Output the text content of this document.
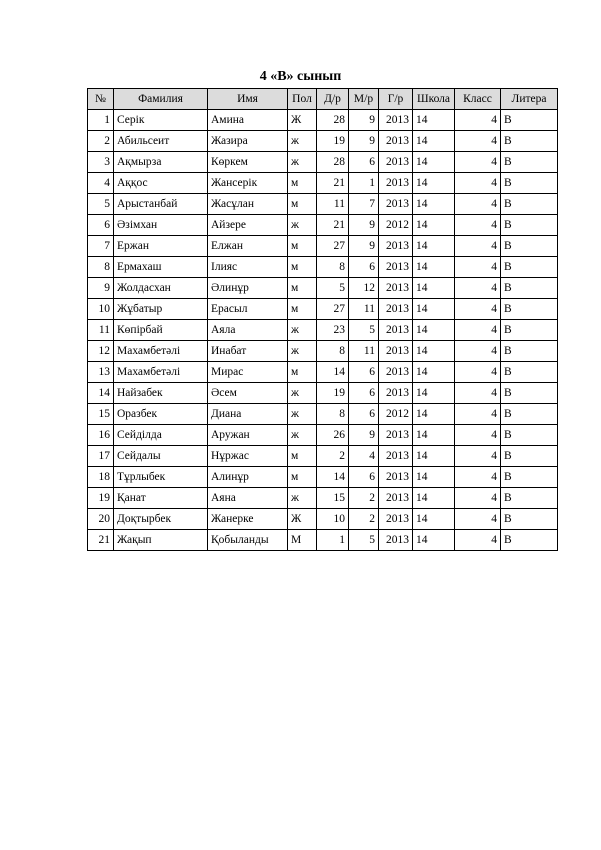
4 «В» сынып
№	Фамилия	Имя	Пол	Д/р	М/р	Г/р	Школа	Класс	Литера
1	Серік	Амина	Ж	28	9	2013	14	4	В
2	Абильсеит	Жазира	ж	19	9	2013	14	4	В
3	Ақмырза	Көркем	ж	28	6	2013	14	4	В
4	Аққос	Жансерік	м	21	1	2013	14	4	В
5	Арыстанбай	Жасұлан	м	11	7	2013	14	4	В
6	Әзімхан	Айзере	ж	21	9	2012	14	4	В
7	Ержан	Елжан	м	27	9	2013	14	4	В
8	Ермахаш	Ілияс	м	8	6	2013	14	4	В
9	Жолдасхан	Әлинұр	м	5	12	2013	14	4	В
10	Жұбатыр	Ерасыл	м	27	11	2013	14	4	В
11	Көпірбай	Аяла	ж	23	5	2013	14	4	В
12	Махамбетәлі	Инабат	ж	8	11	2013	14	4	В
13	Махамбетәлі	Мирас	м	14	6	2013	14	4	В
14	Найзабек	Әсем	ж	19	6	2013	14	4	В
15	Оразбек	Диана	ж	8	6	2012	14	4	В
16	Сейділда	Аружан	ж	26	9	2013	14	4	В
17	Сейдалы	Нұржас	м	2	4	2013	14	4	В
18	Тұрлыбек	Алинұр	м	14	6	2013	14	4	В
19	Қанат	Аяна	ж	15	2	2013	14	4	В
20	Доқтырбек	Жанерке	Ж	10	2	2013	14	4	В
21	Жақып	Қобыланды	М	1	5	2013	14	4	В
